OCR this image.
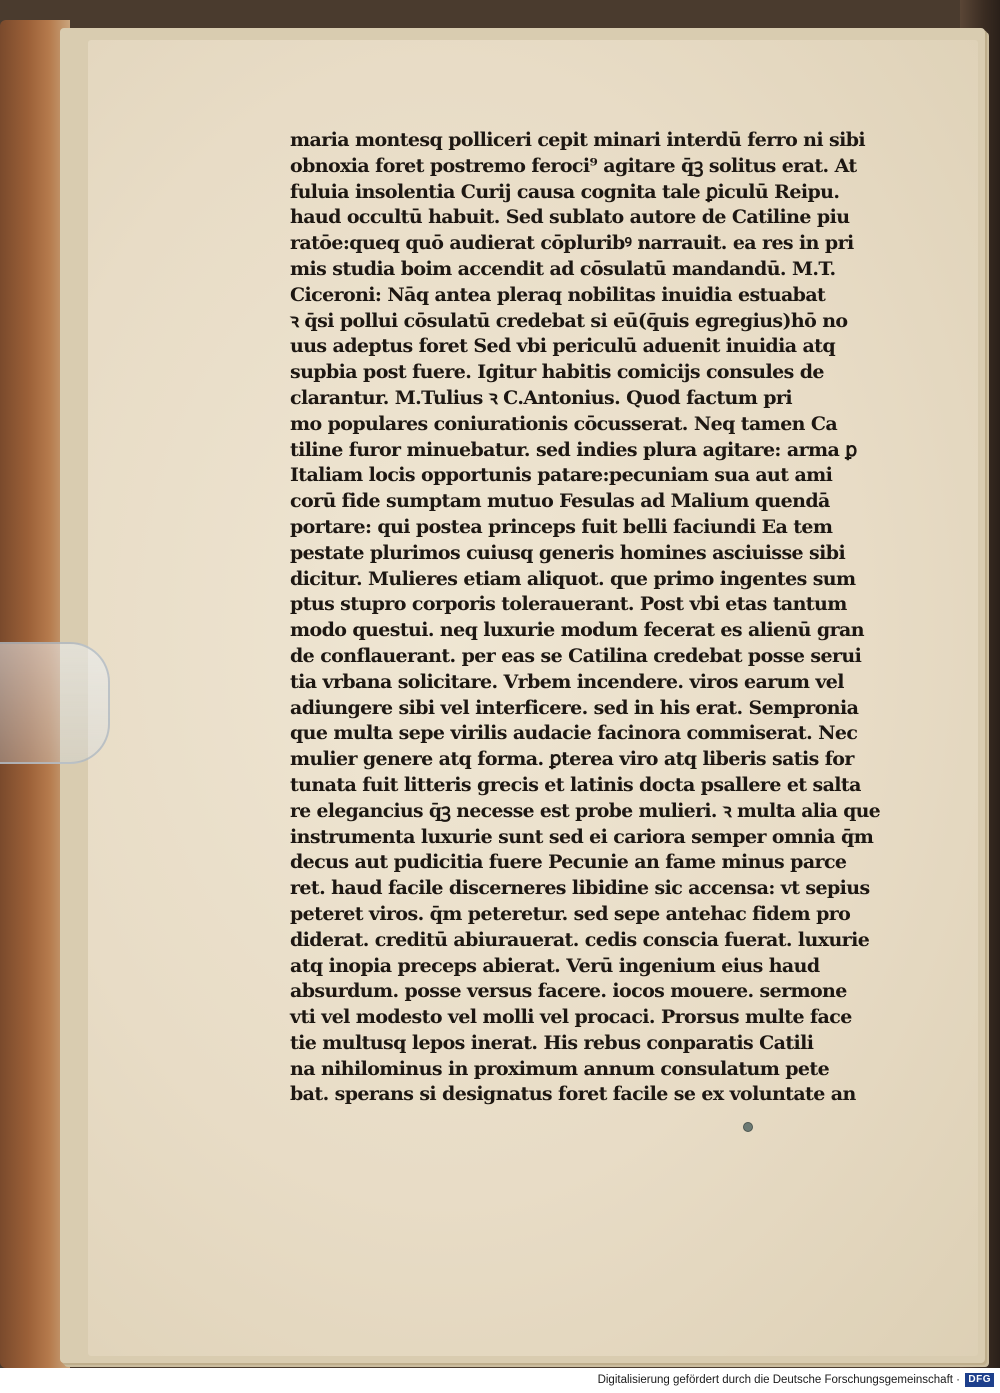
maria montesq polliceri cepit minari interdū ferro ni sibi
obnoxia foret postremo feroci⁹ agitare q̄ꝫ solitus erat. At
fuluia insolentia Curij causa cognita tale ꝑiculū Reipu.
haud occultū habuit. Sed sublato autore de Catiline piu
ratōe:queq quō audierat cōpluribꝰ narrauit. ea res in pri
mis studia boim accendit ad cōsulatū mandandū. M.T.
Ciceroni: Nāq antea pleraq nobilitas inuidia estuabat
ꝛ q̄si pollui cōsulatū credebat si eū(q̄uis egregius)hō no
uus adeptus foret Sed vbi periculū aduenit inuidia atq
supbia post fuere. Igitur habitis comicijs consules de
clarantur. M.Tulius ꝛ C.Antonius. Quod factum pri
mo populares coniurationis cōcusserat. Neq tamen Ca
tiline furor minuebatur. sed indies plura agitare: arma ꝑ
Italiam locis opportunis patare:pecuniam sua aut ami
corū fide sumptam mutuo Fesulas ad Malium quendā
portare: qui postea princeps fuit belli faciundi Ea tem
pestate plurimos cuiusq generis homines asciuisse sibi
dicitur. Mulieres etiam aliquot. que primo ingentes sum
ptus stupro corporis tolerauerant. Post vbi etas tantum
modo questui. neq luxurie modum fecerat es alienū gran
de conflauerant. per eas se Catilina credebat posse serui
tia vrbana solicitare. Vrbem incendere. viros earum vel
adiungere sibi vel interficere. sed in his erat. Sempronia
que multa sepe virilis audacie facinora commiserat. Nec
mulier genere atq forma. ꝑterea viro atq liberis satis for
tunata fuit litteris grecis et latinis docta psallere et salta
re elegancius q̄ꝫ necesse est probe mulieri. ꝛ multa alia que
instrumenta luxurie sunt sed ei cariora semper omnia q̄m
decus aut pudicitia fuere Pecunie an fame minus parce
ret. haud facile discerneres libidine sic accensa: vt sepius
peteret viros. q̄m peteretur. sed sepe antehac fidem pro
diderat. creditū abiurauerat. cedis conscia fuerat. luxurie
atq inopia preceps abierat. Verū ingenium eius haud
absurdum. posse versus facere. iocos mouere. sermone
vti vel modesto vel molli vel procaci. Prorsus multe face
tie multusq lepos inerat. His rebus conparatis Catili
na nihilominus in proximum annum consulatum pete
bat. sperans si designatus foret facile se ex voluntate an
Digitalisierung gefördert durch die Deutsche Forschungsgemeinschaft · DFG
